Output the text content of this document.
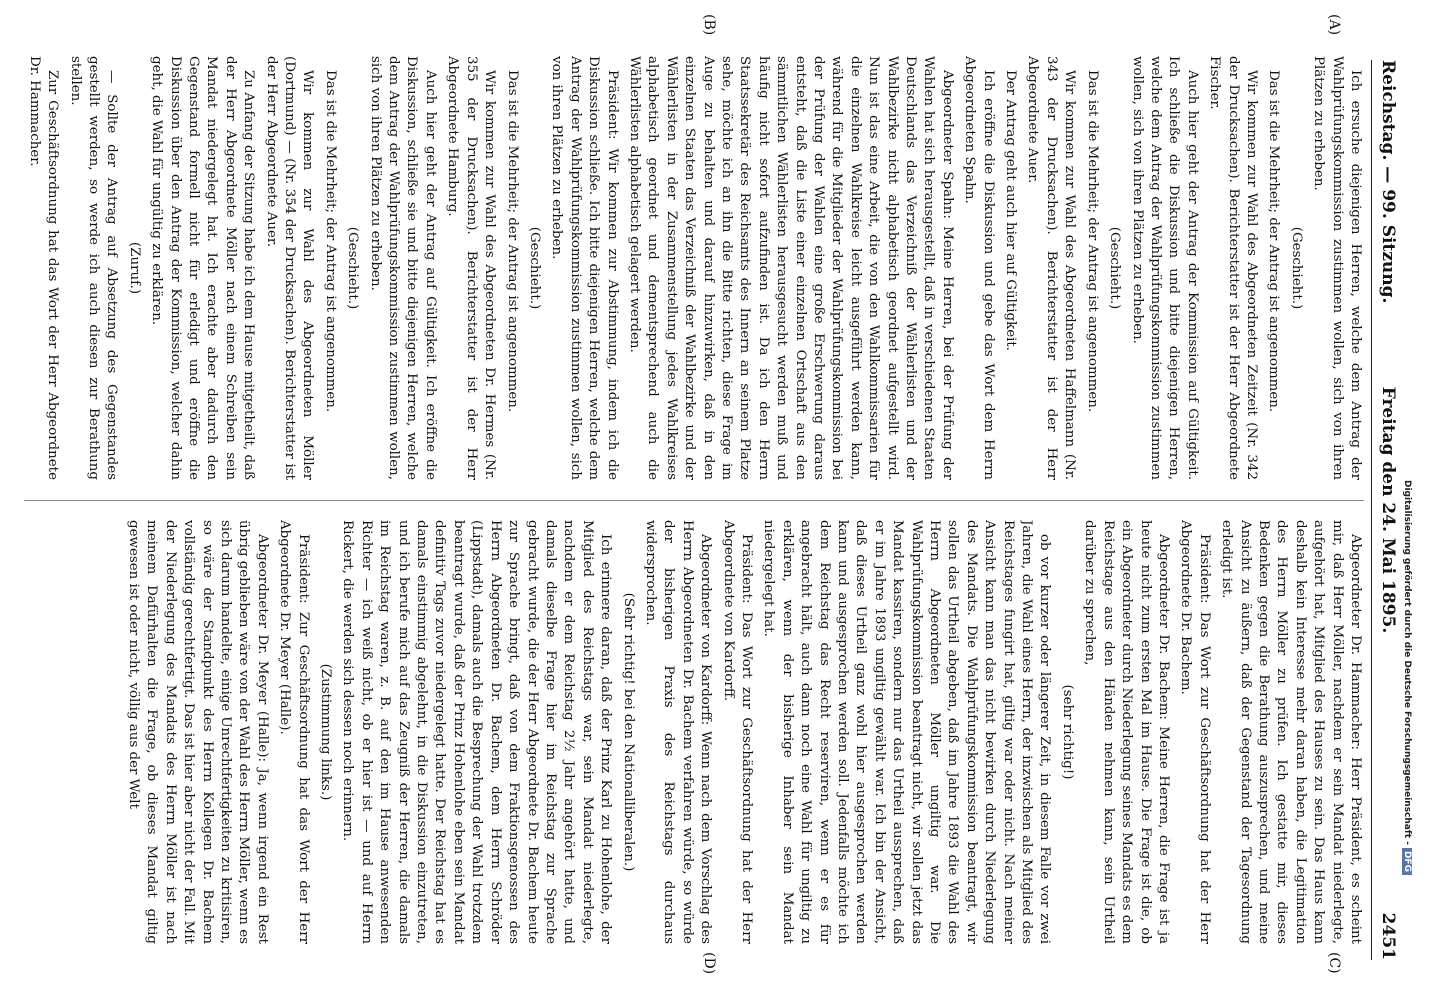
Reichstag. — 99. Sitzung.
Freitag den 24. Mai 1895.
2451
(A)
(B)
(C)
(D)

Ich ersuche diejenigen Herren, welche dem Antrag der Wahlprüfungskommission zustimmen wollen, sich von ihren Plätzen zu erheben.

(Geschieht.)

Das ist die Mehrheit; der Antrag ist angenommen.

Wir kommen zur Wahl des Abgeordneten Zeitzeit (Nr. 342 der Drucksachen). Berichterstatter ist der Herr Abgeordnete Fischer.

Auch hier geht der Antrag der Kommission auf Gültigkeit. Ich schließe die Diskussion und bitte diejenigen Herren, welche dem Antrag der Wahlprüfungskommission zustimmen wollen, sich von ihren Plätzen zu erheben.

(Geschieht.)

Das ist die Mehrheit; der Antrag ist angenommen.

Wir kommen zur Wahl des Abgeordneten Haffelmann (Nr. 343 der Drucksachen). Berichterstatter ist der Herr Abgeordnete Auer.

Der Antrag geht auch hier auf Gültigkeit.

Ich eröffne die Diskussion und gebe das Wort dem Herrn Abgeordneten Spahn.

Abgeordneter Spahn: Meine Herren, bei der Prüfung der Wahlen hat sich herausgestellt, daß in verschiedenen Staaten Deutschlands das Verzeichniß der Wählerlisten und der Wahlbezirke nicht alphabetisch geordnet aufgestellt wird. Nun ist das eine Arbeit, die von den Wahlkommissarien für die einzelnen Wahlkreise leicht ausgeführt werden kann, während für die Mitglieder der Wahlprüfungskommission bei der Prüfung der Wahlen eine große Erschwerung daraus entsteht, daß die Liste einer einzelnen Ortschaft aus den sämmtlichen Wählerlisten herausgesucht werden muß und häufig nicht sofort aufzufinden ist. Da ich den Herrn Staatssekretär des Reichsamts des Innern an seinem Platze sehe, möchte ich an ihn die Bitte richten, diese Frage im Auge zu behalten und darauf hinzuwirken, daß in den einzelnen Staaten das Verzeichniß der Wahlbezirke und der Wählerlisten in der Zusammenstellung jedes Wahlkreises alphabetisch geordnet und dementsprechend auch die Wählerlisten alphabetisch gelagert werden.

Präsident: Wir kommen zur Abstimmung, indem ich die Diskussion schließe. Ich bitte diejenigen Herren, welche dem Antrag der Wahlprüfungskommission zustimmen wollen, sich von ihren Plätzen zu erheben.

(Geschieht.)

Das ist die Mehrheit; der Antrag ist angenommen.

Wir kommen zur Wahl des Abgeordneten Dr. Hermes (Nr. 355 der Drucksachen). Berichterstatter ist der Herr Abgeordnete Hamburg.

Auch hier geht der Antrag auf Gültigkeit. Ich eröffne die Diskussion, schließe sie und bitte diejenigen Herren, welche dem Antrag der Wahlprüfungskommission zustimmen wollen, sich von ihren Plätzen zu erheben.

(Geschieht.)

Das ist die Mehrheit; der Antrag ist angenommen.

Wir kommen zur Wahl des Abgeordneten Möller (Dortmund) — (Nr. 354 der Drucksachen). Berichterstatter ist der Herr Abgeordnete Auer.

Zu Anfang der Sitzung habe ich dem Hause mitgetheilt, daß der Herr Abgeordnete Möller nach einem Schreiben sein Mandat niedergelegt hat. Ich erachte aber dadurch den Gegenstand formell nicht für erledigt und eröffne die Diskussion über den Antrag der Kommission, welcher dahin geht, die Wahl für ungültig zu erklären.

(Zuruf.)

— Sollte der Antrag auf Absetzung des Gegenstandes gestellt werden, so werde ich auch diesen zur Berathung stellen.

Zur Geschäftsordnung hat das Wort der Herr Abgeordnete Dr. Hammacher.

Abgeordneter Dr. Hammacher: Herr Präsident, es scheint mir, daß Herr Möller, nachdem er sein Mandat niederlegte, aufgehört hat, Mitglied des Hauses zu sein. Das Haus kann deshalb kein Interesse mehr daran haben, die Legitimation des Herrn Möller zu prüfen. Ich gestatte mir, dieses Bedenken gegen die Berathung auszusprechen, und meine Ansicht zu äußern, daß der Gegenstand der Tagesordnung erledigt ist.

Präsident: Das Wort zur Geschäftsordnung hat der Herr Abgeordnete Dr. Bachem.

Abgeordneter Dr. Bachem: Meine Herren, die Frage ist ja heute nicht zum ersten Mal im Hause. Die Frage ist die, ob ein Abgeordneter durch Niederlegung seines Mandats es dem Reichstage aus den Händen nehmen kann, sein Urtheil darüber zu sprechen,

(sehr richtig!)

ob vor kurzer oder längerer Zeit, in diesem Falle vor zwei Jahren, die Wahl eines Herrn, der inzwischen als Mitglied des Reichstages fungirt hat, giltig war oder nicht. Nach meiner Ansicht kann man das nicht bewirken durch Niederlegung des Mandats. Die Wahlprüfungskommission beantragt, wir sollen das Urtheil abgeben, daß im Jahre 1893 die Wahl des Herrn Abgeordneten Möller ungiltig war. Die Wahlprüfungskommission beantragt nicht, wir sollen jetzt das Mandat kassiren, sondern nur das Urtheil aussprechen, daß er im Jahre 1893 ungiltig gewählt war. Ich bin der Ansicht, daß dieses Urtheil ganz wohl hier ausgesprochen werden kann und ausgesprochen werden soll. Jedenfalls möchte ich dem Reichstag das Recht reserviren, wenn er es für angebracht hält, auch dann noch eine Wahl für ungiltig zu erklären, wenn der bisherige Inhaber sein Mandat niedergelegt hat.

Präsident: Das Wort zur Geschäftsordnung hat der Herr Abgeordnete von Kardorff.

Abgeordneter von Kardorff: Wenn nach dem Vorschlag des Herrn Abgeordneten Dr. Bachem verfahren würde, so würde der bisherigen Praxis des Reichstags durchaus widersprochen.

(Sehr richtig! bei den Nationalliberalen.)

Ich erinnere daran, daß der Prinz Karl zu Hohenlohe, der Mitglied des Reichstags war, sein Mandat niederlegte, nachdem er dem Reichstag 2½ Jahr angehört hatte, und damals dieselbe Frage hier im Reichstag zur Sprache gebracht wurde, die der Herr Abgeordnete Dr. Bachem heute zur Sprache bringt, daß von dem Fraktionsgenossen des Herrn Abgeordneten Dr. Bachem, dem Herrn Schröder (Lippstadt), damals auch die Besprechung der Wahl trotzdem beantragt wurde, daß der Prinz Hohenlohe eben sein Mandat definitiv Tags zuvor niedergelegt hatte. Der Reichstag hat es damals einstimmig abgelehnt, in die Diskussion einzutreten, und ich berufe mich auf das Zeugniß der Herren, die damals im Reichstag waren, z. B. auf den im Hause anwesenden Richter — ich weiß nicht, ob er hier ist — und auf Herrn Rickert, die werden sich dessen noch erinnern.

(Zustimmung links.)

Präsident: Zur Geschäftsordnung hat das Wort der Herr Abgeordnete Dr. Meyer (Halle).

Abgeordneter Dr. Meyer (Halle): Ja, wenn irgend ein Rest übrig geblieben wäre von der Wahl des Herrn Möller, wenn es sich darum handelte, einige Unrechtfertigkeiten zu kritisiren, so wäre der Standpunkt des Herrn Kollegen Dr. Bachem vollständig gerechtfertigt. Das ist hier aber nicht der Fall. Mit der Niederlegung des Mandats des Herrn Möller ist nach meinem Dafürhalten die Frage, ob dieses Mandat giltig gewesen ist oder nicht, völlig aus der Welt	Digitalisierung gefördert durch die Deutsche Forschungsgemeinschaft -DFG
